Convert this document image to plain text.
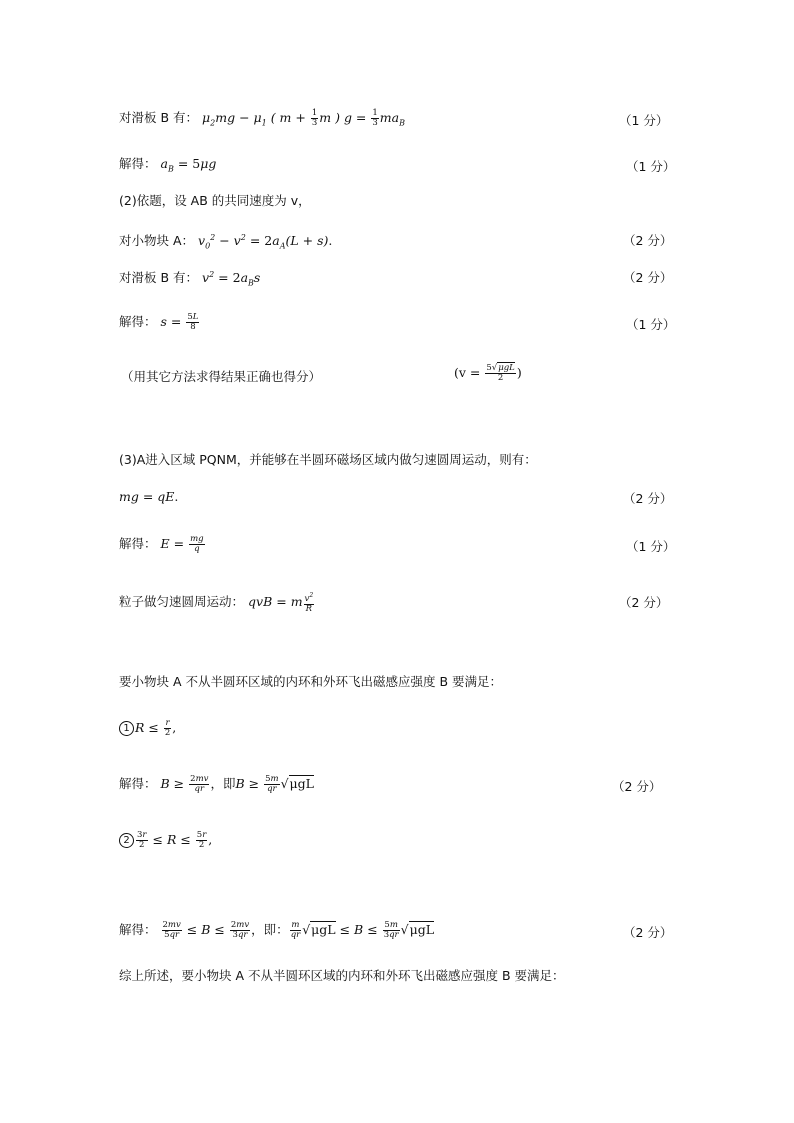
对滑板 B 有： $\mu_2mg - \mu_1$ ( $m + \frac{1}{3}$ m ) $g = \frac{1}{3} ma_B$	（1 分）
解得： $a_B = 5\mu g$	（1 分）
(2)依题，设 AB 的共同速度为 v，
对小物块 A： $v_0^2 - v^2 = 2a_A(L + s)$.	（2 分）
对滑板 B 有： $v^2 = 2a_Bs$	（2 分）
解得： $s = \frac{5L}{8}$	（1 分）
（用其它方法求得结果正确也得分）	($v = \frac{\text{5√μgL}}{2}$ )
(3)A进入区域 PQNM，并能够在半圆环磁场区域内做匀速圆周运动，则有：
mg = qE.	（2 分）
解得： $E = \frac{mg}{q}$	（1 分）
粒子做匀速圆周运动： qvB = m $\frac{v^2}{R}$	（2 分）
要小物块 A 不从半圆环区域的内环和外环飞出磁感应强度 B 要满足：
1 $R \le \frac{r}{2}$ ,
解得： $B \ge \frac{2mv}{qr}$ ，即$B \ge \frac{5m}{qr} √\mu gL$	（2 分）
$2 \frac{3r}{2} \le R \le \frac{5r}{2}$ ,
解得： $\frac{2mv}{5qr} \le B \le \frac{2mv}{3qr}$ ，即： $\frac{m}{qr} √\mu gL \le B \le \frac{5m}{3qr} √\mu gL$	（2 分）
综上所述，要小物块 A 不从半圆环区域的内环和外环飞出磁感应强度 B 要满足：
